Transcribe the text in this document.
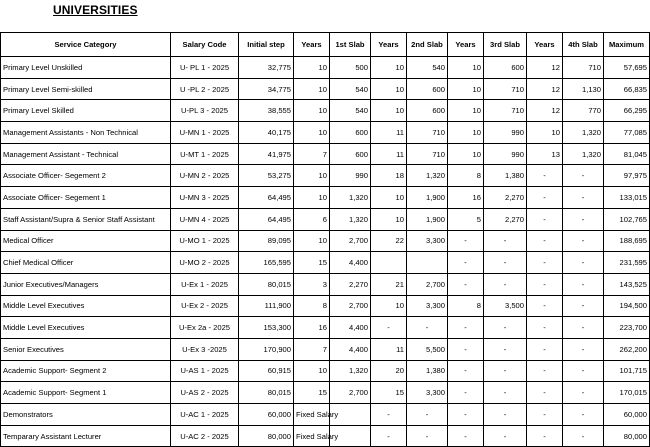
UNIVERSITIES
Service Category	Salary Code	Initial step	Years	1st Slab	Years	2nd Slab	Years	3rd Slab	Years	4th Slab	Maximum
Primary Level Unskilled	U- PL 1 - 2025	32,775	10	500	10	540	10	600	12	710	57,695
Primary Level Semi-skilled	U -PL 2 - 2025	34,775	10	540	10	600	10	710	12	1,130	66,835
Primary Level Skilled	U-PL 3 - 2025	38,555	10	540	10	600	10	710	12	770	66,295
Management Assistants - Non Technical	U-MN 1 - 2025	40,175	10	600	11	710	10	990	10	1,320	77,085
Management Assistant - Technical	U-MT 1 - 2025	41,975	7	600	11	710	10	990	13	1,320	81,045
Associate Officer- Segement 2	U-MN 2 - 2025	53,275	10	990	18	1,320	8	1,380	-	-	97,975
Associate Officer- Segement 1	U-MN 3 - 2025	64,495	10	1,320	10	1,900	16	2,270	-	-	133,015
Staff Assistant/Supra & Senior Staff Assistant	U-MN 4 - 2025	64,495	6	1,320	10	1,900	5	2,270	-	-	102,765
Medical Officer	U-MO 1 - 2025	89,095	10	2,700	22	3,300	-	-	-	-	188,695
Chief Medical Officer	U-MO 2 - 2025	165,595	15	4,400			-	-	-	-	231,595
Junior Executives/Managers	U-Ex 1 - 2025	80,015	3	2,270	21	2,700	-	-	-	-	143,525
Middle Level Executives	U-Ex 2 - 2025	111,900	8	2,700	10	3,300	8	3,500	-	-	194,500
Middle Level Executives	U-Ex 2a - 2025	153,300	16	4,400	-	-	-	-	-	-	223,700
Senior Executives	U-Ex 3 -2025	170,900	7	4,400	11	5,500	-	-	-	-	262,200
Academic Support- Segment 2	U-AS 1 - 2025	60,915	10	1,320	20	1,380	-	-	-	-	101,715
Academic Support- Segment 1	U-AS 2 - 2025	80,015	15	2,700	15	3,300	-	-	-	-	170,015
Demonstrators	U-AC 1 - 2025	60,000	Fixed Salary		-	-	-	-	-	-	60,000
Temparary Assistant Lecturer	U-AC 2 - 2025	80,000	Fixed Salary		-	-	-	-	-	-	80,000
